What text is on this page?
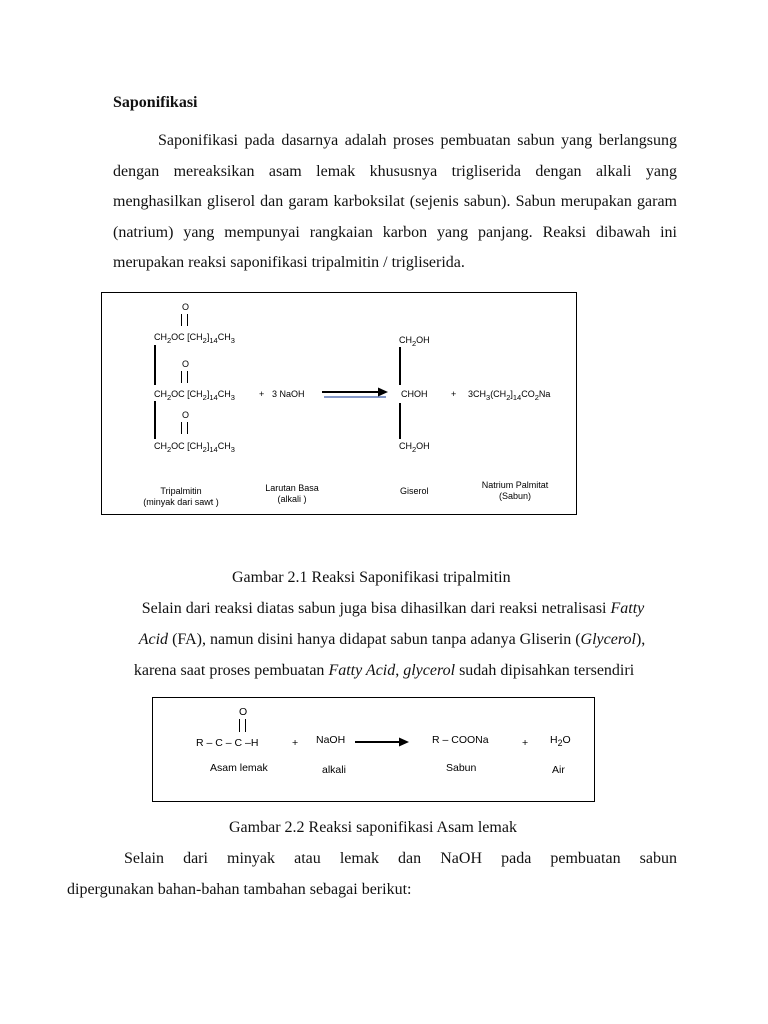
Saponifikasi
Saponifikasi pada dasarnya adalah proses pembuatan sabun yang berlangsung dengan mereaksikan asam lemak khususnya trigliserida dengan alkali yang menghasilkan gliserol dan garam karboksilat (sejenis sabun). Sabun merupakan garam (natrium) yang mempunyai rangkaian karbon yang panjang. Reaksi dibawah ini merupakan reaksi saponifikasi tripalmitin / trigliserida.
O
$CH_2OC$ $[CH_2]_{14}CH_3$
O
$CH_2OC$ $[CH_2]_{14}CH_3$
O
$CH_2OC$ $[CH_2]_{14}CH_3$
+ 3 NaOH
$CH_2OH$
CHOH
$CH_2OH$
+ $3CH_3(CH_2]_{14}CO_2Na$
Tripalmitin
(minyak dari sawt )
Larutan Basa
(alkali )
Giserol
Natrium Palmitat
(Sabun)
Gambar 2.1 Reaksi Saponifikasi tripalmitin
Selain dari reaksi diatas sabun juga bisa dihasilkan dari reaksi netralisasi Fatty
Acid (FA), namun disini hanya didapat sabun tanpa adanya Gliserin (Glycerol),
karena saat proses pembuatan Fatty Acid, glycerol sudah dipisahkan tersendiri
O
R – C – C –H	+ NaOH	R – COONa	+ $H_2O$
Asam lemak	alkali	Sabun	Air
Gambar 2.2 Reaksi saponifikasi Asam lemak
Selain dari minyak atau lemak dan NaOH pada pembuatan sabun
dipergunakan bahan-bahan tambahan sebagai berikut:
